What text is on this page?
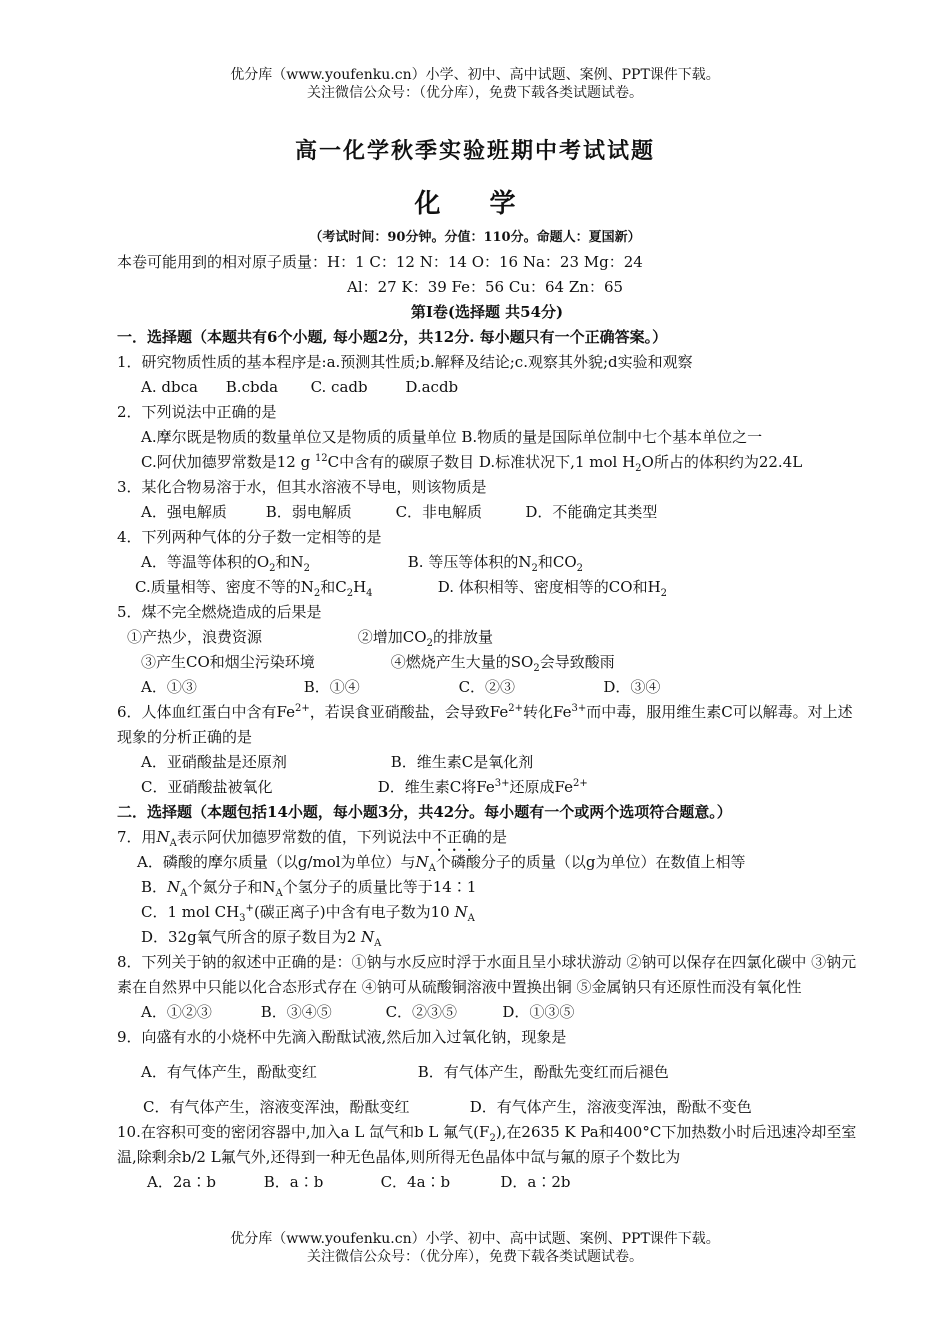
优分库（www.youfenku.cn）小学、初中、高中试题、案例、PPT课件下载。
关注微信公众号：（优分库），免费下载各类试题试卷。
高一化学秋季实验班期中考试试题
化 学
（考试时间：90分钟。分值：110分。命题人：夏国新）
本卷可能用到的相对原子质量：H：1 C：12 N：14 O：16 Na：23 Mg：24
Al：27 K：39 Fe：56 Cu：64 Zn：65
第Ⅰ卷(选择题 共54分)
一．选择题（本题共有6个小题, 每小题2分，共12分. 每小题只有一个正确答案。）
1．研究物质性质的基本程序是:a.预测其性质;b.解释及结论;c.观察其外貌;d实验和观察
A. dbca B.cbda C. cadb	D.acdb
2．下列说法中正确的是
A.摩尔既是物质的数量单位又是物质的质量单位 B.物质的量是国际单位制中七个基本单位之一
C.阿伏加德罗常数是12 g $^{12}$C中含有的碳原子数目 D.标准状况下,1 mol $H_2O$所占的体积约为22.4L
3．某化合物易溶于水，但其水溶液不导电，则该物质是
A．强电解质	B．弱电解质	C．非电解质	D．不能确定其类型
4．下列两种气体的分子数一定相等的是
A．等温等体积的$O_2$和$N_2$	B. 等压等体积的$N_2$和$CO_2$
C.质量相等、密度不等的$N_2$和$C_2H_4$	D. 体积相等、密度相等的CO和$H_2$
5．煤不完全燃烧造成的后果是
①产热少，浪费资源	②增加$CO_2$的排放量
③产生CO和烟尘污染环境	④燃烧产生大量的$SO_2$会导致酸雨
A．①③	B．①④	C．②③	D．③④
6．人体血红蛋白中含有$Fe^{2+}$，若误食亚硝酸盐，会导致$Fe^{2+}$转化$Fe^{3+}$而中毒，服用维生素C可以解毒。对上述现象的分析正确的是
A．亚硝酸盐是还原剂	B．维生素C是氧化剂
C．亚硝酸盐被氧化	D．维生素C将$Fe^{3+}$还原成$Fe^{2+}$
二．选择题（本题包括14小题，每小题3分，共42分。每小题有一个或两个选项符合题意。）
7．用$N_A$表示阿伏加德罗常数的值，下列说法中不正确的是
A．磷酸的摩尔质量（以g/mol为单位）与$N_A$个磷酸分子的质量（以g为单位）在数值上相等
B．$N_A$个氮分子和$N_A$个氢分子的质量比等于14∶1
C．1 mol $CH_3^+$(碳正离子)中含有电子数为10 $N_A$
D．32g氧气所含的原子数目为2 $N_A$
8．下列关于钠的叙述中正确的是：①钠与水反应时浮于水面且呈小球状游动 ②钠可以保存在四氯化碳中 ③钠元素在自然界中只能以化合态形式存在 ④钠可从硫酸铜溶液中置换出铜 ⑤金属钠只有还原性而没有氧化性
A．①②③	B．③④⑤	C．②③⑤	D．①③⑤
9．向盛有水的小烧杯中先滴入酚酞试液,然后加入过氧化钠，现象是
A．有气体产生，酚酞变红	B．有气体产生，酚酞先变红而后褪色
C．有气体产生，溶液变浑浊，酚酞变红	D．有气体产生，溶液变浑浊，酚酞不变色
10.在容积可变的密闭容器中,加入a L 氙气和b L 氟气$(F_2)$,在2635 K Pa和400°C下加热数小时后迅速冷却至室温,除剩余b/2 L氟气外,还得到一种无色晶体,则所得无色晶体中氙与氟的原子个数比为
A．2a∶b	B．a∶b	C．4a∶b	D．a∶2b
优分库（www.youfenku.cn）小学、初中、高中试题、案例、PPT课件下载。
关注微信公众号：（优分库），免费下载各类试题试卷。
